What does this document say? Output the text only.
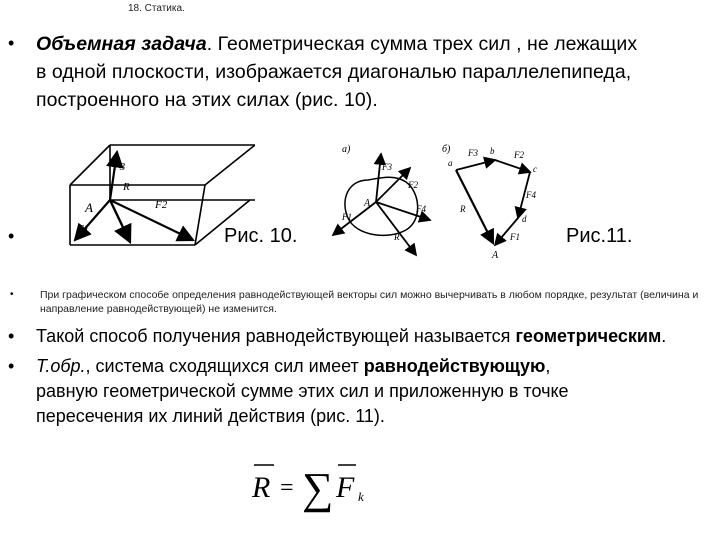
18. Статика.
• Объемная задача. Геометрическая сумма трех сил , не лежащих
в одной плоскости, изображается диагональю параллелепипеда,
построенного на этих силах (рис. 10).
F3
R
F2
F1
A
•	Рис. 10.	Рис.11.
а)
F3
F2
F1
F4
R
A
б)
a
b
c
d
A
F3	F2
F4
F1
R
•	При графическом способе определения равнодействующей векторы сил можно вычерчивать в любом порядке, результат (величина и направление равнодействующей) не изменится.
• Такой способ получения равнодействующей называется геометрическим.
• Т.обр., система сходящихся сил имеет равнодействующую,
равную геометрической сумме этих сил и приложенную в точке
пересечения их линий действия (рис. 11).
R = ∑ F k
